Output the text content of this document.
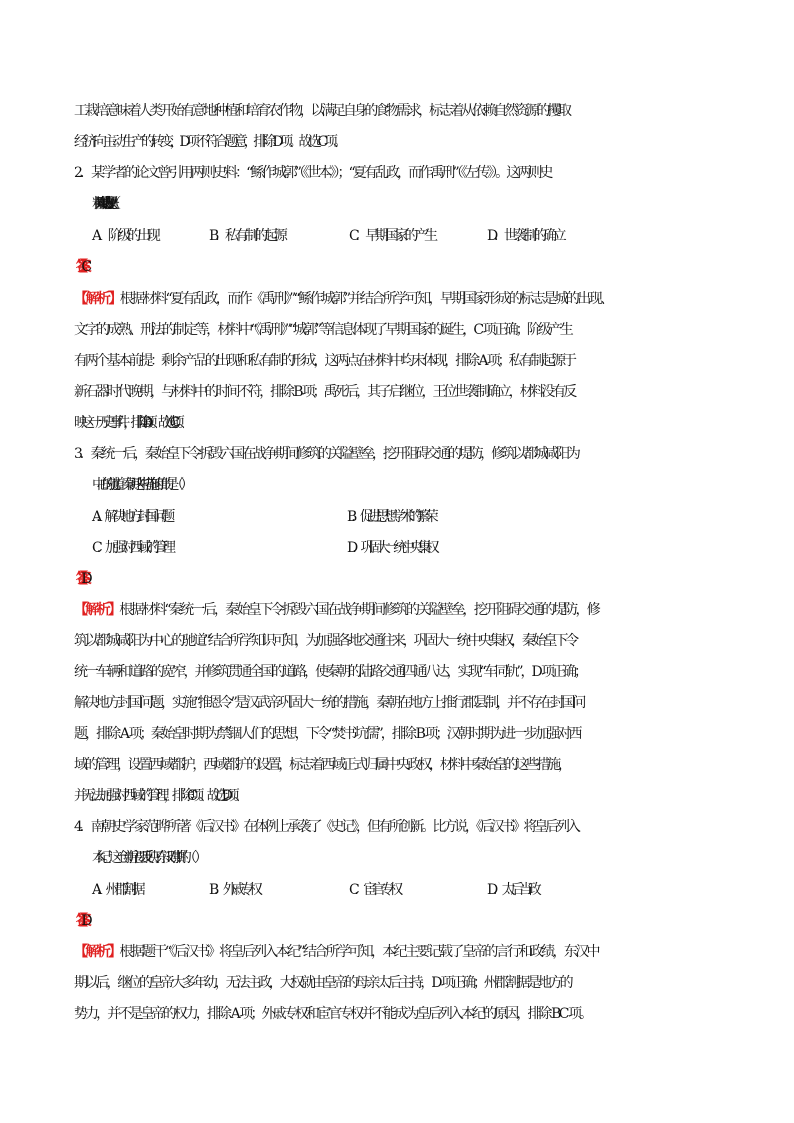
工栽培意味着人类开始有意地种植和培育农作物，以满足自身的食物需求，标志着从依赖自然资源的攫取
经济向主动生产的转变，D 项不符合题意，排除 D 项。故选 C 项。
2．某学者的论文曾引用两则史料：“鲧作城郭”（《世本》）；“夏有乱政，而作禹刑”（《左传》）。这两则史
料共同反映的历史现象是（　）
A．阶级的出现	B．私有制的起源	C．早期国家的产生	D．世袭制的确立
【答案】
【解析】根据材料“夏有乱政，而作《禹刑》”“鲧作城郭”并结合所学可知，早期国家形成的标志是城的出现、
文字的成熟、刑法的制定等，材料中“《禹刑》”“城郭”等信息体现了早期国家的诞生，C 项正确；阶级产生
有两个基本前提：剩余产品的出现和私有制的形成，这两点在材料中均未体现，排除 A 项；私有制起源于
新石器时代晚期，与材料中的时间不符，排除 B 项；禹死后，其子启继位，王位世袭制确立，材料没有反
映这一历史事件，排除 D 项。故选 C 项。
3．秦统一后，秦始皇下令拆毁六国在战争期间修筑的关隘壁垒，挖开阻碍交通的堤防，修筑以都城咸阳为
中心的驰道。秦朝这些措施的目的是（　）
A．解决地方封国问题	B．促进思想学术的繁荣
C．加强对西域的管理	D．巩固大一统中央集权
【答案】
【解析】根据材料“秦统一后，秦始皇下令拆毁六国在战争期间修筑的关隘壁垒，挖开阻碍交通的堤防，修
筑以都城咸阳为中心的驰道”结合所学知识可知，为加强各地交通往来，巩固大一统中央集权，秦始皇下令
统一车辆和道路的宽窄，并修筑贯通全国的道路，使秦朝的陆路交通四通八达，实现“车同轨”，D 项正确；
解决地方封国问题，实施“推恩令”是汉武帝巩固大一统的措施，秦朝在地方上推行郡县制，并不存在封国问
题，排除 A 项；秦始皇时期为禁锢人们的思想，下令“焚书坑儒”，排除 B 项；汉朝时期为进一步加强对西
域的管理，设置西域都护，西域都护的设置，标志着西域正式归属中央政权，材料中秦始皇的这些措施，
并无法加强对西域的管理，排除 C 项。故选 D 项。
4．南朝史学家范晔所著《后汉书》在体例上承袭了《史记》，但有所创新。比方说，《后汉书》将皇后列入
本纪。这一创新主要反映了东汉时期的（　）
A．州郡割据	B．外戚专权	C．宦官专权	D．太后当政
【答案】
【解析】根据题干“《后汉书》将皇后列入本纪”结合所学可知，本纪主要记载了皇帝的言行和政绩，东汉中
期以后，继位的皇帝大多年幼，无法主政，大权就由皇帝的母亲太后主持，D 项正确；州郡割据是地方的
势力，并不是皇帝的权力，排除 A 项；外戚专权和宦官专权并不能成为皇后列入本纪的原因，排除 BC 项。
